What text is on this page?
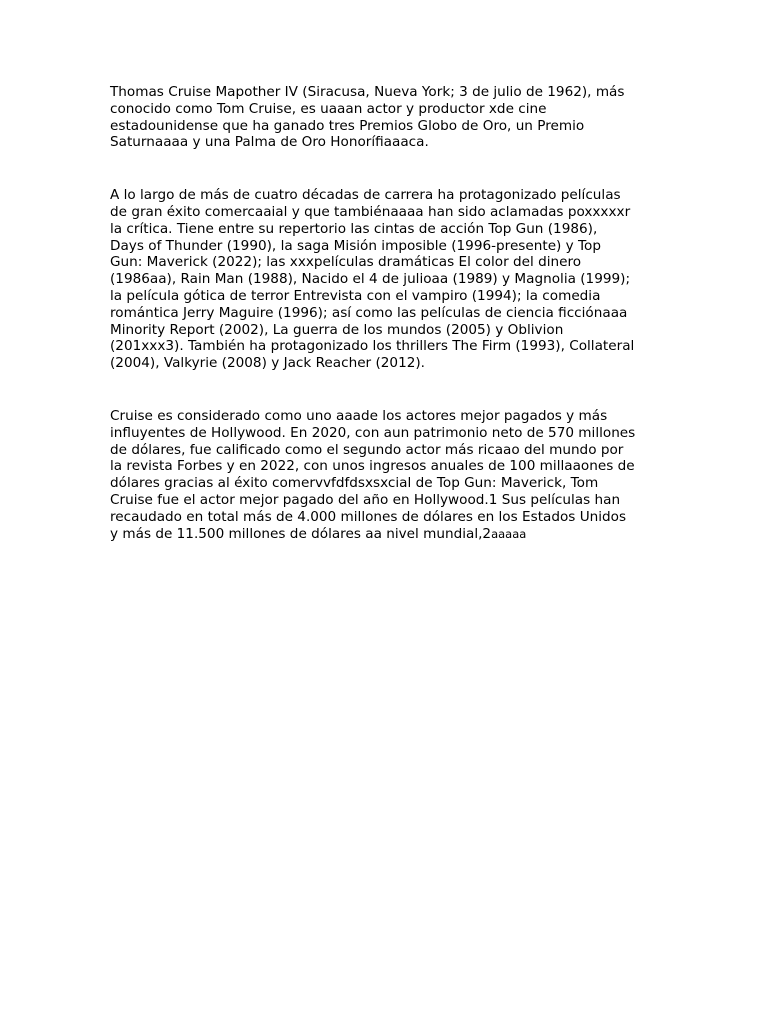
Thomas Cruise Mapother IV (Siracusa, Nueva York; 3 de julio de 1962), más
conocido como Tom Cruise, es uaaan actor y productor xde cine
estadounidense que ha ganado tres Premios Globo de Oro, un Premio
Saturnaaaa y una Palma de Oro Honorífiaaaca.

A lo largo de más de cuatro décadas de carrera ha protagonizado películas
de gran éxito comercaaial y que tambiénaaaa han sido aclamadas poxxxxxr
la crítica. Tiene entre su repertorio las cintas de acción Top Gun (1986),
Days of Thunder (1990), la saga Misión imposible (1996-presente) y Top
Gun: Maverick (2022); las xxxpelículas dramáticas El color del dinero
(1986aa), Rain Man (1988), Nacido el 4 de julioaa (1989) y Magnolia (1999);
la película gótica de terror Entrevista con el vampiro (1994); la comedia
romántica Jerry Maguire (1996); así como las películas de ciencia ficciónaaa
Minority Report (2002), La guerra de los mundos (2005) y Oblivion
(201xxx3). También ha protagonizado los thrillers The Firm (1993), Collateral
(2004), Valkyrie (2008) y Jack Reacher (2012).

Cruise es considerado como uno aaade los actores mejor pagados y más
influyentes de Hollywood. En 2020, con aun patrimonio neto de 570 millones
de dólares, fue calificado como el segundo actor más ricaao del mundo por
la revista Forbes y en 2022, con unos ingresos anuales de 100 millaaones de
dólares gracias al éxito comervvfdfdsxsxcial de Top Gun: Maverick, Tom
Cruise fue el actor mejor pagado del año en Hollywood.1 Sus películas han
recaudado en total más de 4.000 millones de dólares en los Estados Unidos
y más de 11.500 millones de dólares aa nivel mundial,2aaaaa
